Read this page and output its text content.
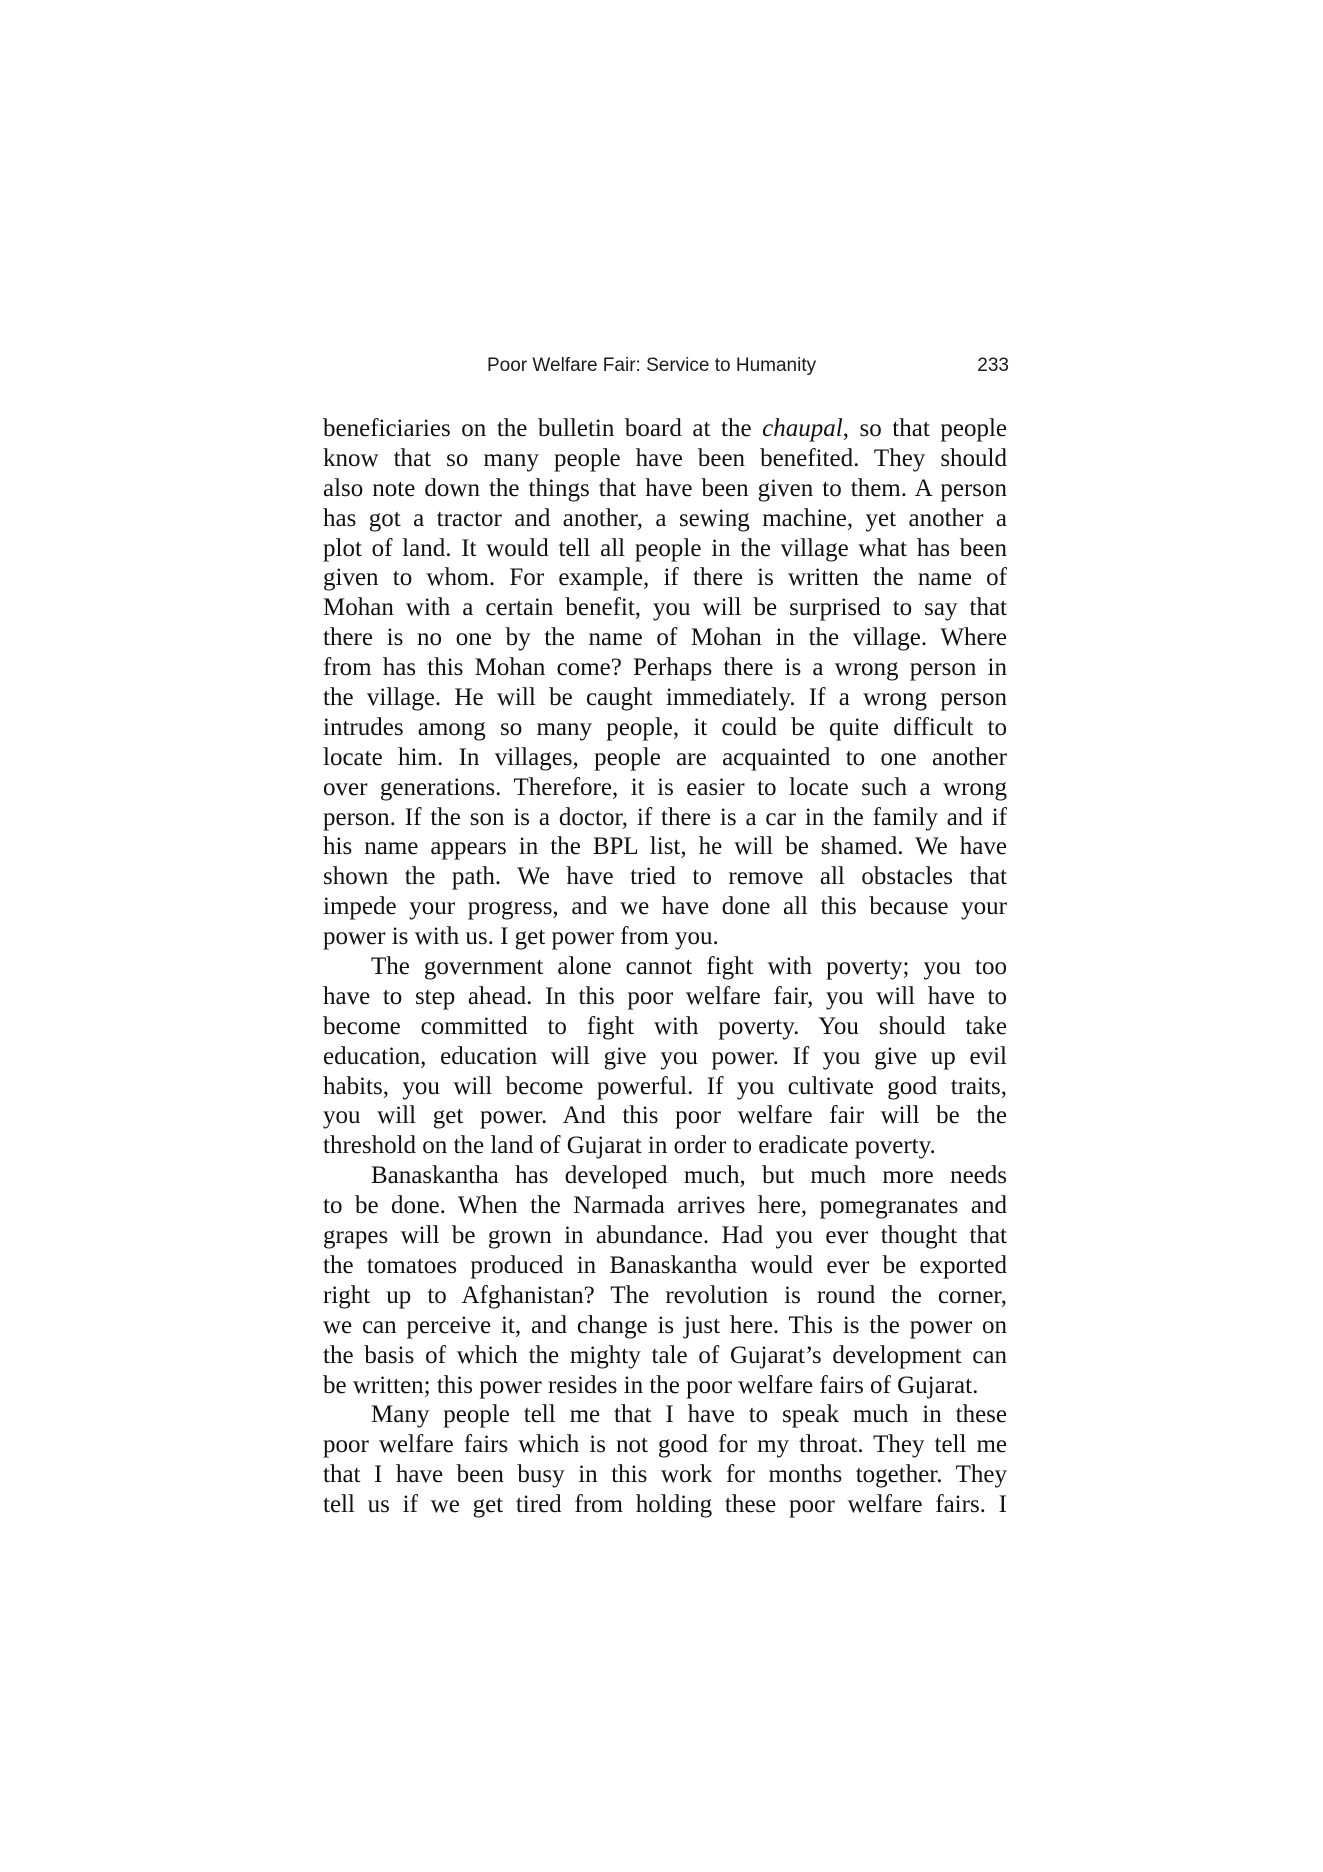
Poor Welfare Fair: Service to Humanity	233
beneficiaries on the bulletin board at the chaupal, so that people
know that so many people have been benefited. They should
also note down the things that have been given to them. A person
has got a tractor and another, a sewing machine, yet another a
plot of land. It would tell all people in the village what has been
given to whom. For example, if there is written the name of
Mohan with a certain benefit, you will be surprised to say that
there is no one by the name of Mohan in the village. Where
from has this Mohan come? Perhaps there is a wrong person in
the village. He will be caught immediately. If a wrong person
intrudes among so many people, it could be quite difficult to
locate him. In villages, people are acquainted to one another
over generations. Therefore, it is easier to locate such a wrong
person. If the son is a doctor, if there is a car in the family and if
his name appears in the BPL list, he will be shamed. We have
shown the path. We have tried to remove all obstacles that
impede your progress, and we have done all this because your
power is with us. I get power from you.
The government alone cannot fight with poverty; you too
have to step ahead. In this poor welfare fair, you will have to
become committed to fight with poverty. You should take
education, education will give you power. If you give up evil
habits, you will become powerful. If you cultivate good traits,
you will get power. And this poor welfare fair will be the
threshold on the land of Gujarat in order to eradicate poverty.
Banaskantha has developed much, but much more needs
to be done. When the Narmada arrives here, pomegranates and
grapes will be grown in abundance. Had you ever thought that
the tomatoes produced in Banaskantha would ever be exported
right up to Afghanistan? The revolution is round the corner,
we can perceive it, and change is just here. This is the power on
the basis of which the mighty tale of Gujarat’s development can
be written; this power resides in the poor welfare fairs of Gujarat.
Many people tell me that I have to speak much in these
poor welfare fairs which is not good for my throat. They tell me
that I have been busy in this work for months together. They
tell us if we get tired from holding these poor welfare fairs. I
